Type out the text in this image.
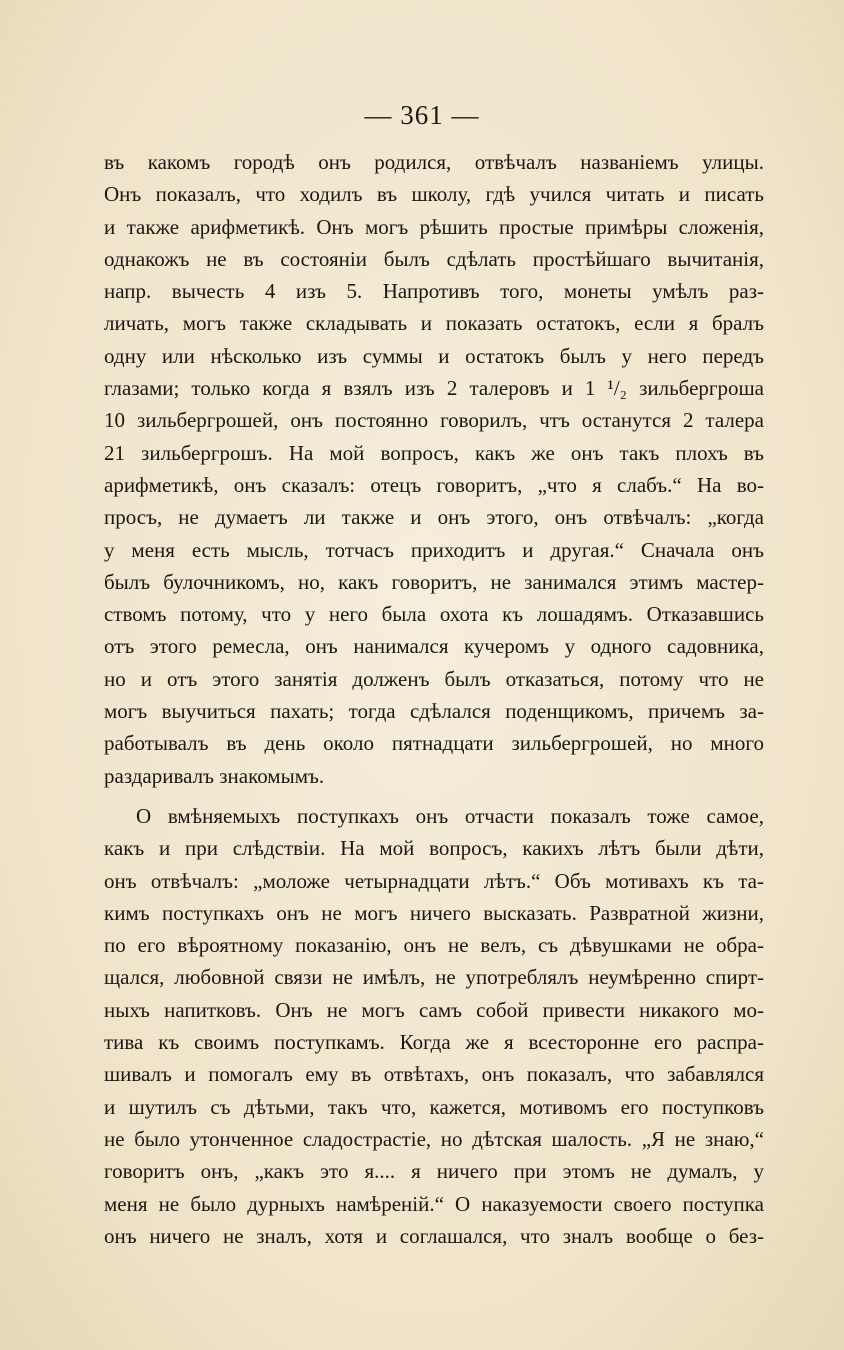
— 361 —
въ какомъ городѣ онъ родился, отвѣчалъ названіемъ улицы.
Онъ показалъ, что ходилъ въ школу, гдѣ учился читать и писать
и также арифметикѣ. Онъ могъ рѣшить простые примѣры сложенія,
однакожъ не въ состояніи былъ сдѣлать простѣйшаго вычитанія,
напр. вычесть 4 изъ 5. Напротивъ того, монеты умѣлъ раз-
личать, могъ также складывать и показать остатокъ, если я бралъ
одну или нѣсколько изъ суммы и остатокъ былъ у него передъ
глазами; только когда я взялъ изъ 2 талеровъ и 1 ¹/₂ зильбергроша
10 зильбергрошей, онъ постоянно говорилъ, чтъ останутся 2 талера
21 зильбергрошъ. На мой вопросъ, какъ же онъ такъ плохъ въ
арифметикѣ, онъ сказалъ: отецъ говоритъ, „что я слабъ.“ На во-
просъ, не думаетъ ли также и онъ этого, онъ отвѣчалъ: „когда
у меня есть мысль, тотчасъ приходитъ и другая.“ Сначала онъ
былъ булочникомъ, но, какъ говоритъ, не занимался этимъ мастер-
ствомъ потому, что у него была охота къ лошадямъ. Отказавшись
отъ этого ремесла, онъ нанимался кучеромъ у одного садовника,
но и отъ этого занятія долженъ былъ отказаться, потому что не
могъ выучиться пахать; тогда сдѣлался поденщикомъ, причемъ за-
работывалъ въ день около пятнадцати зильбергрошей, но много
раздаривалъ знакомымъ.
О вмѣняемыхъ поступкахъ онъ отчасти показалъ тоже самое,
какъ и при слѣдствіи. На мой вопросъ, какихъ лѣтъ были дѣти,
онъ отвѣчалъ: „моложе четырнадцати лѣтъ.“ Объ мотивахъ къ та-
кимъ поступкахъ онъ не могъ ничего высказать. Развратной жизни,
по его вѣроятному показанію, онъ не велъ, съ дѣвушками не обра-
щался, любовной связи не имѣлъ, не употреблялъ неумѣренно спирт-
ныхъ напитковъ. Онъ не могъ самъ собой привести никакого мо-
тива къ своимъ поступкамъ. Когда же я всесторонне его распра-
шивалъ и помогалъ ему въ отвѣтахъ, онъ показалъ, что забавлялся
и шутилъ съ дѣтьми, такъ что, кажется, мотивомъ его поступковъ
не было утонченное сладострастіе, но дѣтская шалость. „Я не знаю,“
говоритъ онъ, „какъ это я.... я ничего при этомъ не думалъ, у
меня не было дурныхъ намѣреній.“ О наказуемости своего поступка
онъ ничего не зналъ, хотя и соглашался, что зналъ вообще о без-
